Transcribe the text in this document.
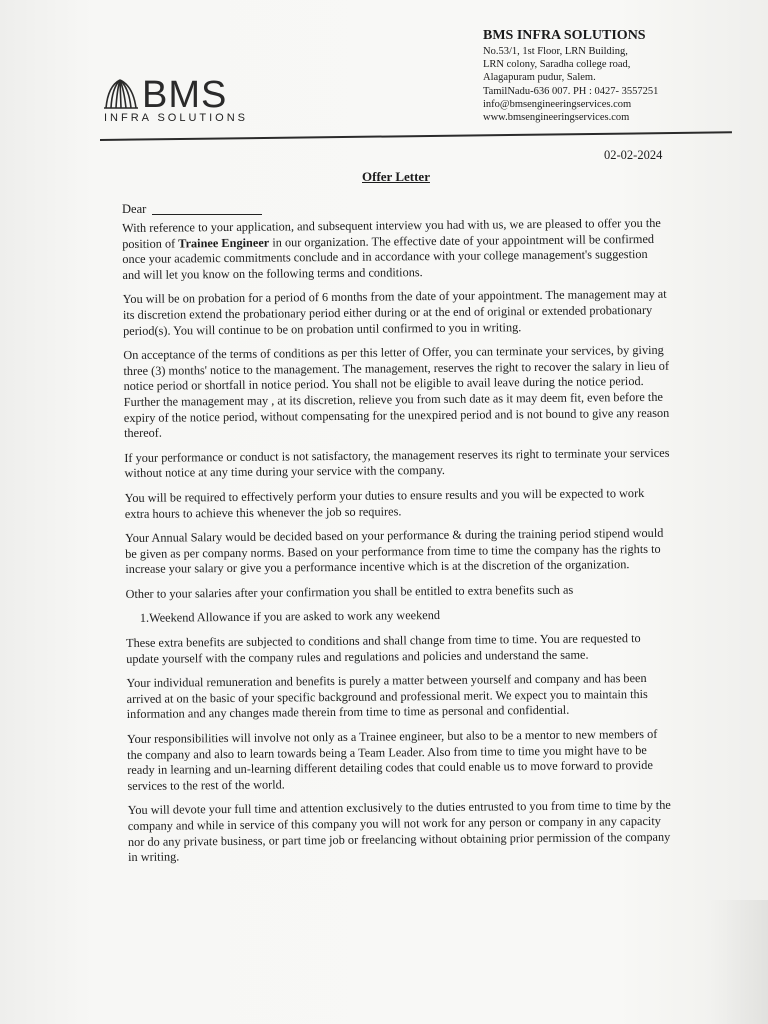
BMS
INFRA SOLUTIONS
BMS INFRA SOLUTIONS
No.53/1, 1st Floor, LRN Building,
LRN colony, Saradha college road,
Alagapuram pudur, Salem.
TamilNadu-636 007. PH : 0427- 3557251
info@bmsengineeringservices.com
www.bmsengineeringservices.com
02-02-2024
Offer Letter
Dear

With reference to your application, and subsequent interview you had with us, we are pleased to offer you the position of Trainee Engineer in our organization. The effective date of your appointment will be confirmed once your academic commitments conclude and in accordance with your college management's suggestion and will let you know on the following terms and conditions.

You will be on probation for a period of 6 months from the date of your appointment. The management may at its discretion extend the probationary period either during or at the end of original or extended probationary period(s). You will continue to be on probation until confirmed to you in writing.

On acceptance of the terms of conditions as per this letter of Offer, you can terminate your services, by giving three (3) months' notice to the management. The management, reserves the right to recover the salary in lieu of notice period or shortfall in notice period. You shall not be eligible to avail leave during the notice period. Further the management may , at its discretion, relieve you from such date as it may deem fit, even before the expiry of the notice period, without compensating for the unexpired period and is not bound to give any reason thereof.

If your performance or conduct is not satisfactory, the management reserves its right to terminate your services without notice at any time during your service with the company.

You will be required to effectively perform your duties to ensure results and you will be expected to work extra hours to achieve this whenever the job so requires.

Your Annual Salary would be decided based on your performance & during the training period stipend would be given as per company norms. Based on your performance from time to time the company has the rights to increase your salary or give you a performance incentive which is at the discretion of the organization.

Other to your salaries after your confirmation you shall be entitled to extra benefits such as

1.Weekend Allowance if you are asked to work any weekend

These extra benefits are subjected to conditions and shall change from time to time. You are requested to update yourself with the company rules and regulations and policies and understand the same.

Your individual remuneration and benefits is purely a matter between yourself and company and has been arrived at on the basic of your specific background and professional merit. We expect you to maintain this information and any changes made therein from time to time as personal and confidential.

Your responsibilities will involve not only as a Trainee engineer, but also to be a mentor to new members of the company and also to learn towards being a Team Leader. Also from time to time you might have to be ready in learning and un-learning different detailing codes that could enable us to move forward to provide services to the rest of the world.

You will devote your full time and attention exclusively to the duties entrusted to you from time to time by the company and while in service of this company you will not work for any person or company in any capacity nor do any private business, or part time job or freelancing without obtaining prior permission of the company in writing.
